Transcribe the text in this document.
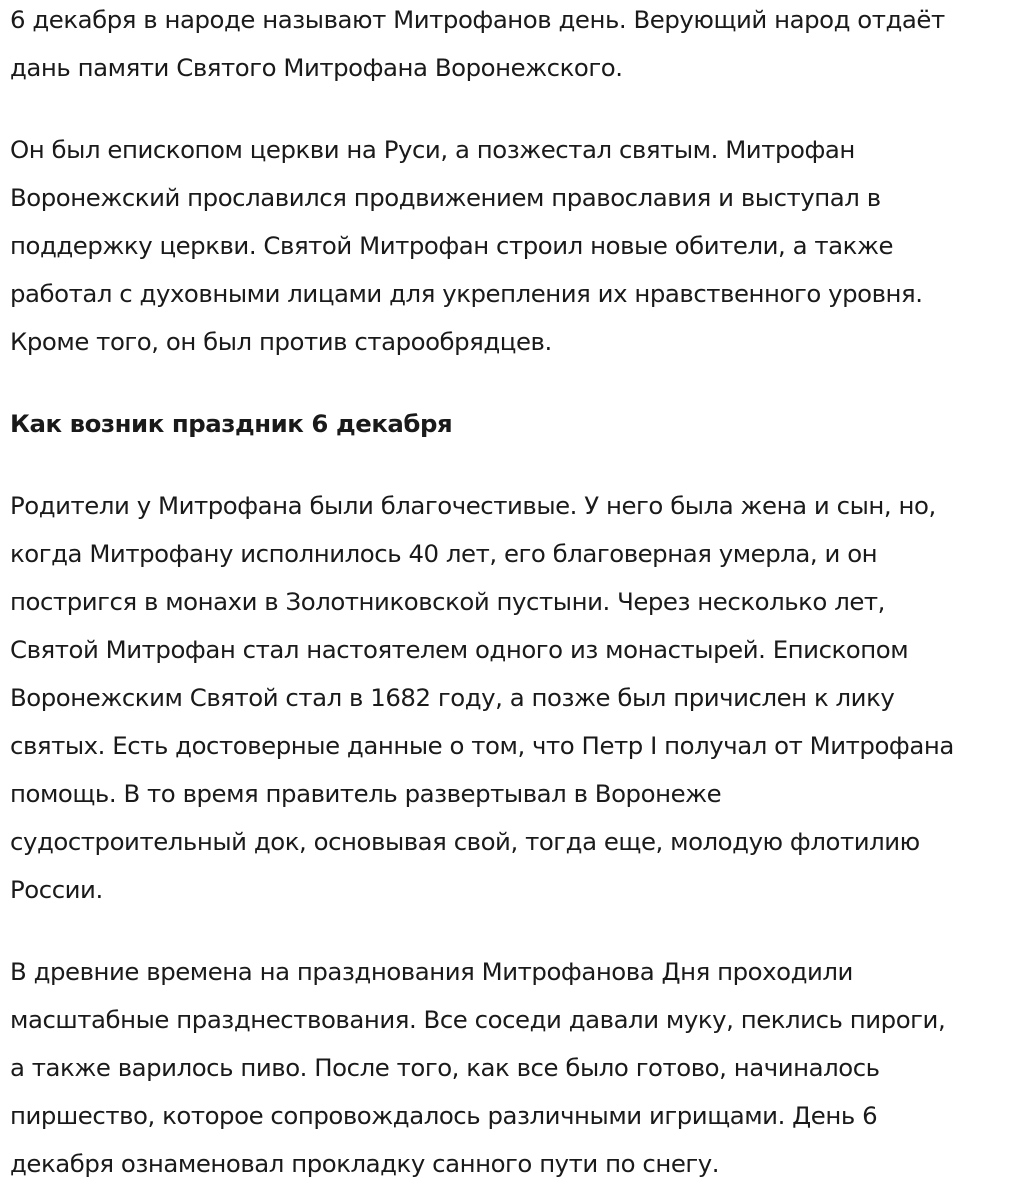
6 декабря в народе называют Митрофанов день. Верующий народ отдаёт
дань памяти Святого Митрофана Воронежского.

Он был епископом церкви на Руси, а позжестал святым. Митрофан
Воронежский прославился продвижением православия и выступал в
поддержку церкви. Святой Митрофан строил новые обители, а также
работал с духовными лицами для укрепления их нравственного уровня.
Кроме того, он был против старообрядцев.

Как возник праздник 6 декабря

Родители у Митрофана были благочестивые. У него была жена и сын, но,
когда Митрофану исполнилось 40 лет, его благоверная умерла, и он
постригся в монахи в Золотниковской пустыни. Через несколько лет,
Святой Митрофан стал настоятелем одного из монастырей. Епископом
Воронежским Святой стал в 1682 году, а позже был причислен к лику
святых. Есть достоверные данные о том, что Петр I получал от Митрофана
помощь. В то время правитель развертывал в Воронеже
судостроительный док, основывая свой, тогда еще, молодую флотилию
России.

В древние времена на празднования Митрофанова Дня проходили
масштабные празднествования. Все соседи давали муку, пеклись пироги,
а также варилось пиво. После того, как все было готово, начиналось
пиршество, которое сопровождалось различными игрищами. День 6
декабря ознаменовал прокладку санного пути по снегу.
